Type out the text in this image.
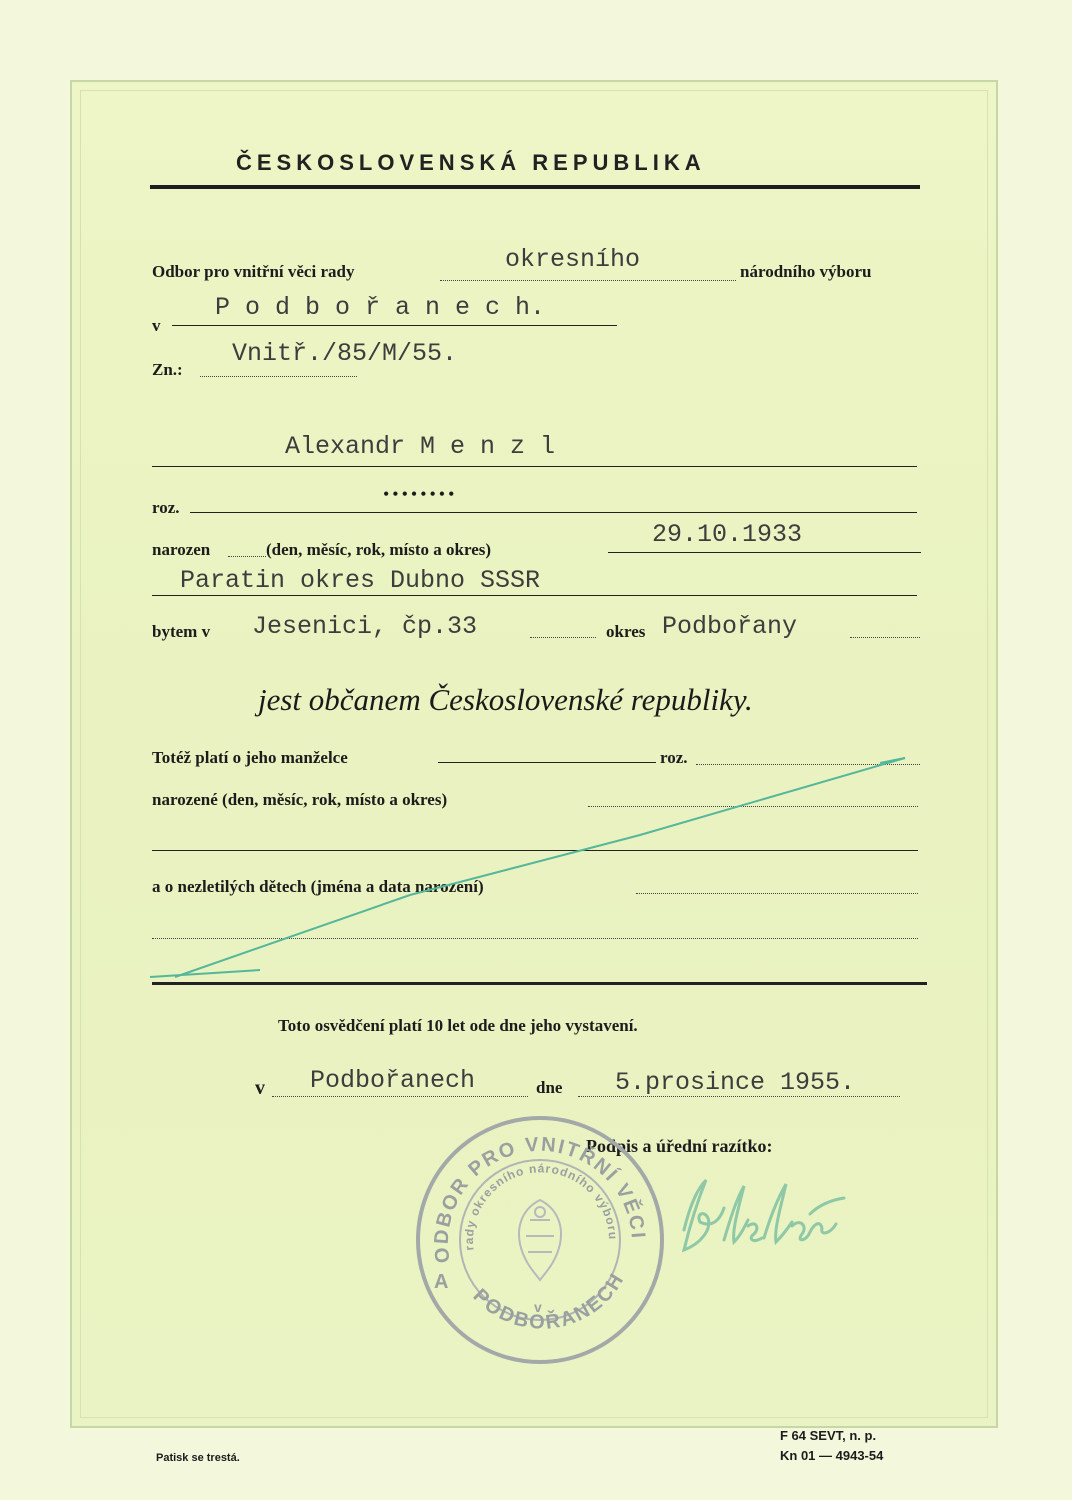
ČESKOSLOVENSKÁ REPUBLIKA
Odbor pro vnitřní věci rady	okresního	národního výboru
v
P o d b o ř a n e c h.
Zn.:
Vnitř./85/M/55.
Alexandr M e n z l
roz.
••••••••
narozen	(den, měsíc, rok, místo a okres)
29.10.1933
Paratin okres Dubno SSSR
bytem v Jesenici, čp.33	okres Podbořany
jest občanem Československé republiky.
Totéž platí o jeho manželce	roz.
narozené (den, měsíc, rok, místo a okres)
a o nezletilých dětech (jména a data narození)
Toto osvědčení platí 10 let ode dne jeho vystavení.
v Podbořanech	dne 5.prosince 1955.
Podpis a úřední razítko:
ODBOR PRO VNITŘNÍ VĚCI
rady okresního národního výboru
PODBOŘANECH
A
v
Patisk se trestá.
F 64 SEVT, n. p.
Kn 01 — 4943-54
